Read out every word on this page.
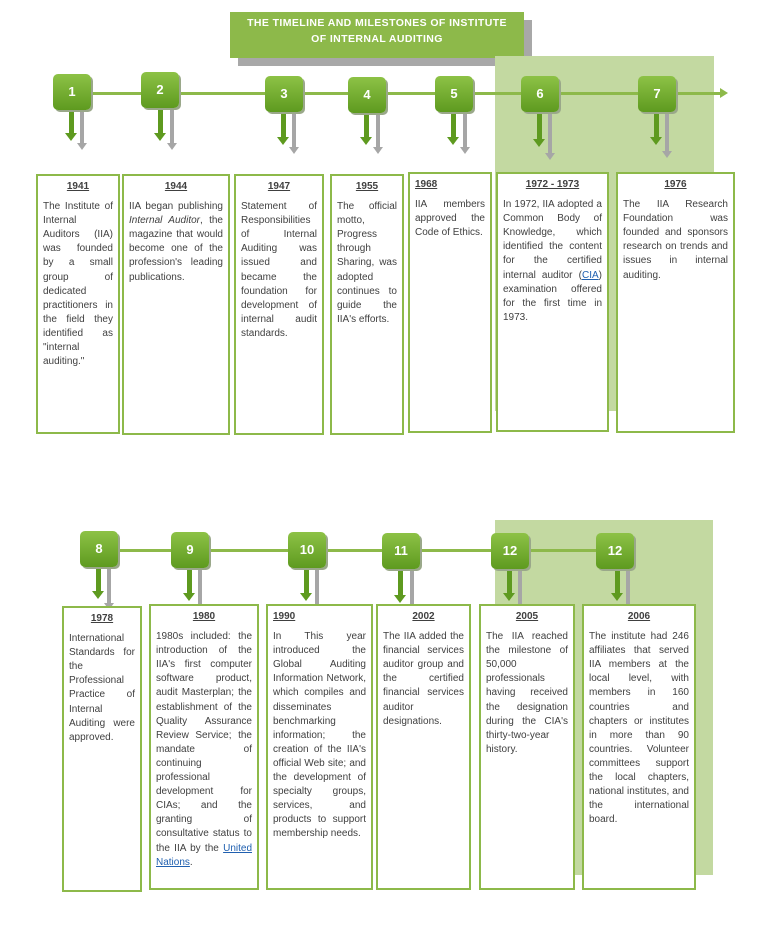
THE TIMELINE AND MILESTONES OF INSTITUTE
OF INTERNAL AUDITING
1	2	3	4	5	6	7
1941
The Institute of Internal Auditors (IIA) was founded by a small group of dedicated practitioners in the field they identified as "internal auditing."
1944
IIA began publishing Internal Auditor, the magazine that would become one of the profession's leading publications.
1947
Statement of Responsibilities of Internal Auditing was issued and became the foundation for development of internal audit standards.
1955
The official motto, Progress through Sharing, was adopted continues to guide the IIA's efforts.
1968
IIA members approved the Code of Ethics.
1972 - 1973
In 1972, IIA adopted a Common Body of Knowledge, which identified the content for the certified internal auditor (CIA) examination offered for the first time in 1973.
1976
The IIA Research Foundation was founded and sponsors research on trends and issues in internal auditing.
8	9	10	11	12	12
1978
International Standards for the Professional Practice of Internal Auditing were approved.
1980
1980s included: the introduction of the IIA's first computer software product, audit Masterplan; the establishment of the Quality Assurance Review Service; the mandate of continuing professional development for CIAs; and the granting of consultative status to the IIA by the United Nations.
1990
In This year introduced the Global Auditing Information Network, which compiles and disseminates benchmarking information; the creation of the IIA's official Web site; and the development of specialty groups, services, and products to support membership needs.
2002
The IIA added the financial services auditor group and the certified financial services auditor designations.
2005
The IIA reached the milestone of 50,000 professionals having received the designation during the CIA's thirty-two-year history.
2006
The institute had 246 affiliates that served IIA members at the local level, with members in 160 countries and chapters or institutes in more than 90 countries. Volunteer committees support the local chapters, national institutes, and the international board.
